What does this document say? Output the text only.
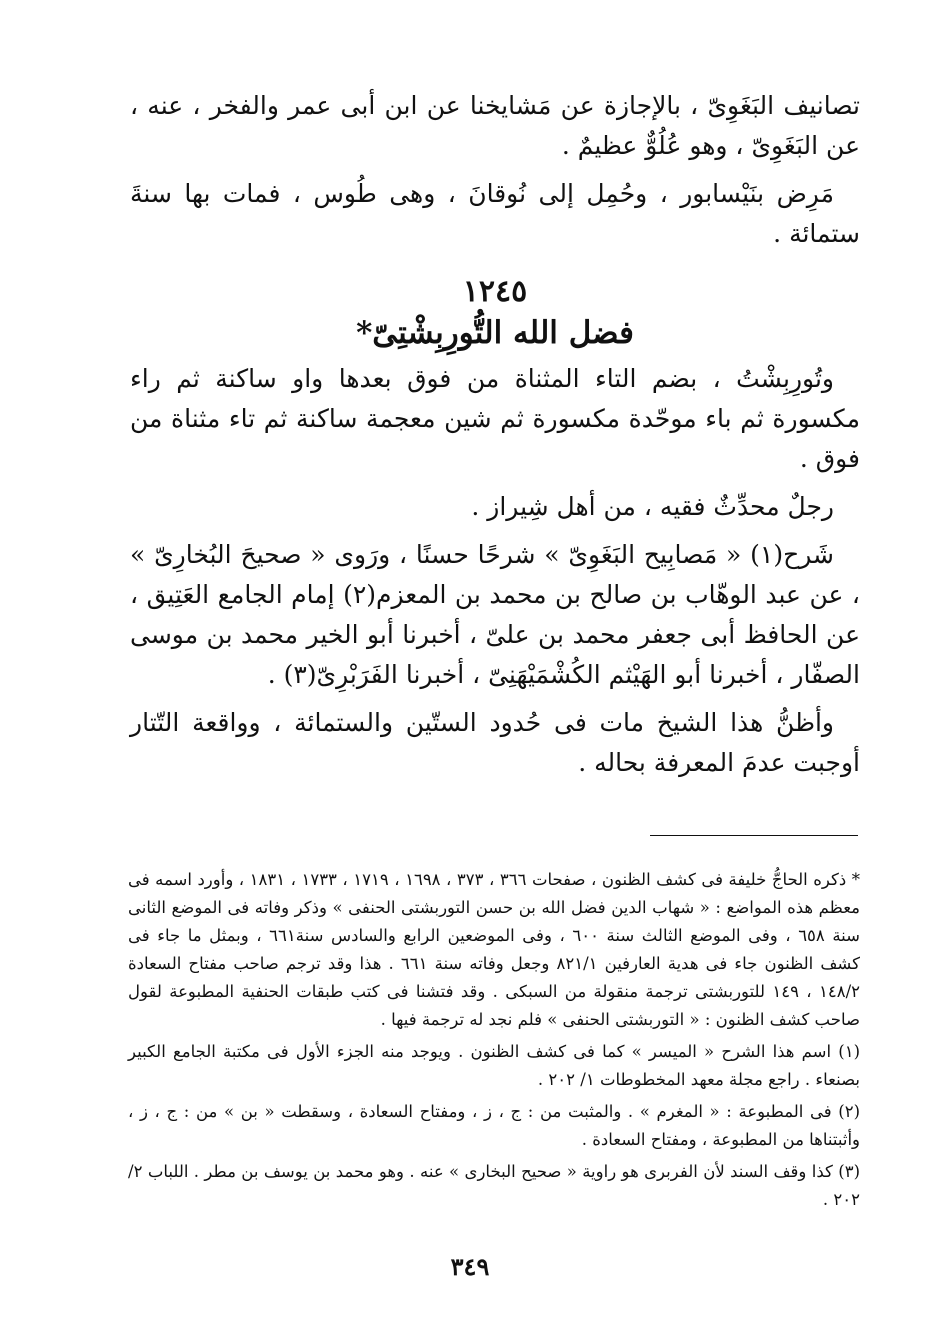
تصانيف البَغَوِىّ ، بالإجازة عن مَشايخنا عن ابن أبى عمر والفخر ، عنه ، عن البَغَوِىّ ، وهو عُلُوٌّ عظيمٌ .

مَرِض بنَيْسابور ، وحُمِل إلى نُوقانَ ، وهى طُوس ، فمات بها سنةَ ستمائة .

١٢٤٥
فضل الله التُّورِبِشْتِىّ*

وتُورِبِشْتُ ، بضم التاء المثناة من فوق بعدها واو ساكنة ثم راء مكسورة ثم باء موحّدة مكسورة ثم شين معجمة ساكنة ثم تاء مثناة من فوق .

رجلٌ محدِّثٌ فقيه ، من أهل شِيراز .

شَرح(١) « مَصابِيح البَغَوِىّ » شرحًا حسنًا ، ورَوى « صحيحَ البُخارِىّ » ، عن عبد الوهّاب بن صالح بن محمد بن المعزم(٢) إمام الجامع العَتِيق ، عن الحافظ أبى جعفر محمد بن علىّ ، أخبرنا أبو الخير محمد بن موسى الصفّار ، أخبرنا أبو الهَيْثم الكُشْمَيْهَنِىّ ، أخبرنا الفَرَبْرِىّ(٣) .

وأظنُّ هذا الشيخ مات فى حُدود الستّين والستمائة ، وواقعة التّتار أوجبت عدمَ المعرفة بحاله .

* ذكره الحاجُّ خليفة فى كشف الظنون ، صفحات ٣٦٦ ، ٣٧٣ ، ١٦٩٨ ، ١٧١٩ ، ١٧٣٣ ، ١٨٣١ ، وأورد اسمه فى معظم هذه المواضع : « شهاب الدين فضل الله بن حسن التوربشتى الحنفى » وذكر وفاته فى الموضع الثانى سنة ٦٥٨ ، وفى الموضع الثالث سنة ٦٠٠ ، وفى الموضعين الرابع والسادس سنة٦٦١ ، وبمثل ما جاء فى كشف الظنون جاء فى هدية العارفين ٨٢١/١ وجعل وفاته سنة ٦٦١ . هذا وقد ترجم صاحب مفتاح السعادة ١٤٨/٢ ، ١٤٩ للتوربشتى ترجمة منقولة من السبكى . وقد فتشنا فى كتب طبقات الحنفية المطبوعة لقول صاحب كشف الظنون : « التوربشتى الحنفى » فلم نجد له ترجمة فيها .

(١) اسم هذا الشرح « الميسر » كما فى كشف الظنون . ويوجد منه الجزء الأول فى مكتبة الجامع الكبير بصنعاء . راجع مجلة معهد المخطوطات ١/ ٢٠٢ .

(٢) فى المطبوعة : « المغرم » . والمثبت من : ج ، ز ، ومفتاح السعادة ، وسقطت « بن » من : ج ، ز ، وأثبتناها من المطبوعة ، ومفتاح السعادة .

(٣) كذا وقف السند لأن الفربرى هو راوية « صحيح البخارى » عنه . وهو محمد بن يوسف بن مطر . اللباب ٢/ ٢٠٢ .

٣٤٩
